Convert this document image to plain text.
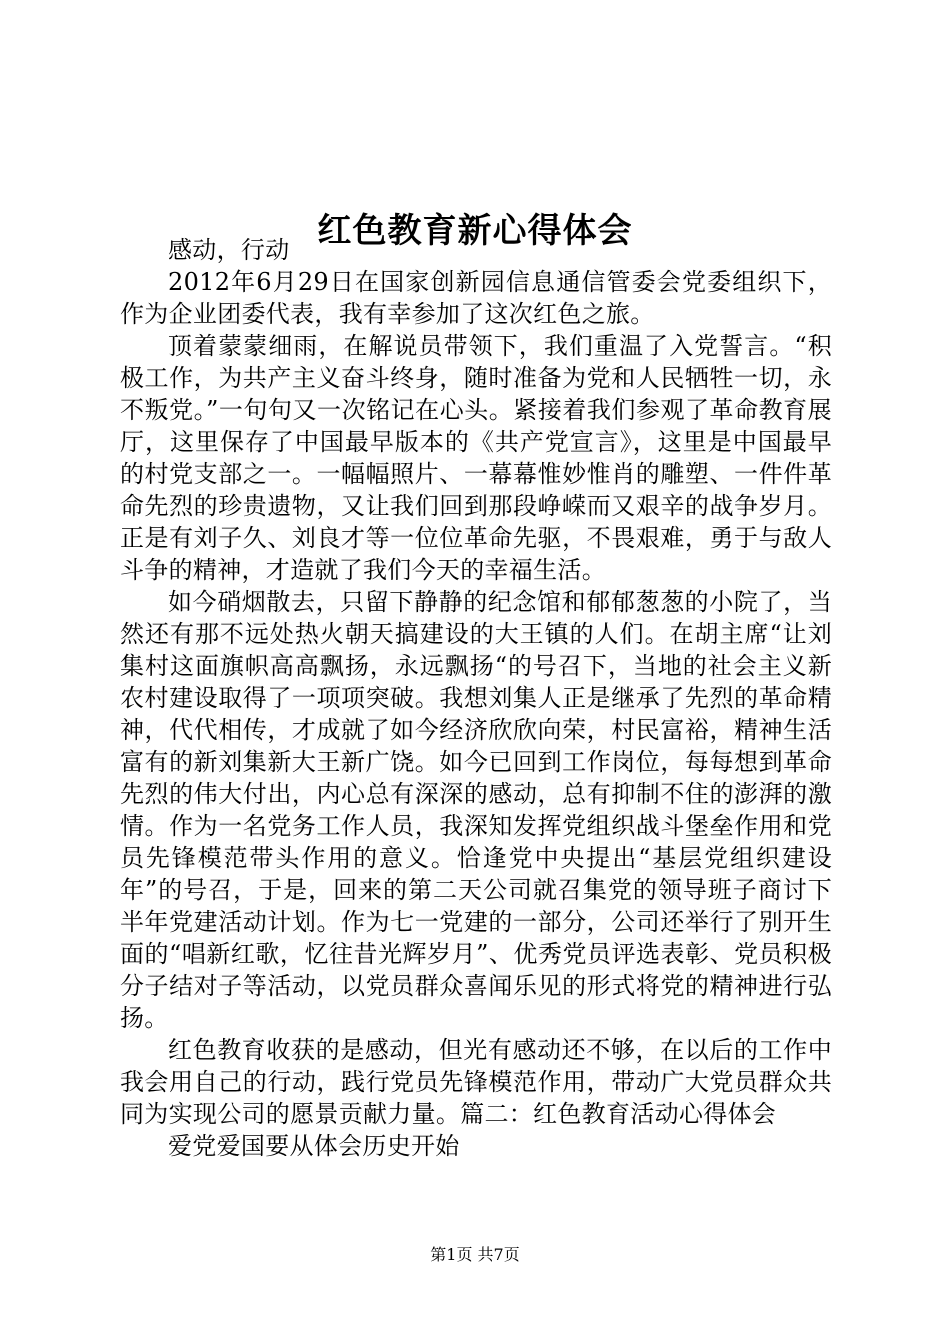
红色教育新心得体会

感动，行动

2012年6月29日在国家创新园信息通信管委会党委组织下，作为企业团委代表，我有幸参加了这次红色之旅。

顶着蒙蒙细雨，在解说员带领下，我们重温了入党誓言。“积极工作，为共产主义奋斗终身，随时准备为党和人民牺牲一切，永不叛党。”一句句又一次铭记在心头。紧接着我们参观了革命教育展厅，这里保存了中国最早版本的《共产党宣言》，这里是中国最早的村党支部之一。一幅幅照片、一幕幕惟妙惟肖的雕塑、一件件革命先烈的珍贵遗物，又让我们回到那段峥嵘而又艰辛的战争岁月。正是有刘子久、刘良才等一位位革命先驱，不畏艰难，勇于与敌人斗争的精神，才造就了我们今天的幸福生活。

如今硝烟散去，只留下静静的纪念馆和郁郁葱葱的小院了，当然还有那不远处热火朝天搞建设的大王镇的人们。在胡主席“让刘集村这面旗帜高高飘扬，永远飘扬“的号召下，当地的社会主义新农村建设取得了一项项突破。我想刘集人正是继承了先烈的革命精神，代代相传，才成就了如今经济欣欣向荣，村民富裕，精神生活富有的新刘集新大王新广饶。如今已回到工作岗位，每每想到革命先烈的伟大付出，内心总有深深的感动，总有抑制不住的澎湃的激情。作为一名党务工作人员，我深知发挥党组织战斗堡垒作用和党员先锋模范带头作用的意义。恰逢党中央提出“基层党组织建设年”的号召，于是，回来的第二天公司就召集党的领导班子商讨下半年党建活动计划。作为七一党建的一部分，公司还举行了别开生面的“唱新红歌，忆往昔光辉岁月”、优秀党员评选表彰、党员积极分子结对子等活动，以党员群众喜闻乐见的形式将党的精神进行弘扬。

红色教育收获的是感动，但光有感动还不够，在以后的工作中我会用自己的行动，践行党员先锋模范作用，带动广大党员群众共同为实现公司的愿景贡献力量。篇二：红色教育活动心得体会

爱党爱国要从体会历史开始

第1页 共7页
